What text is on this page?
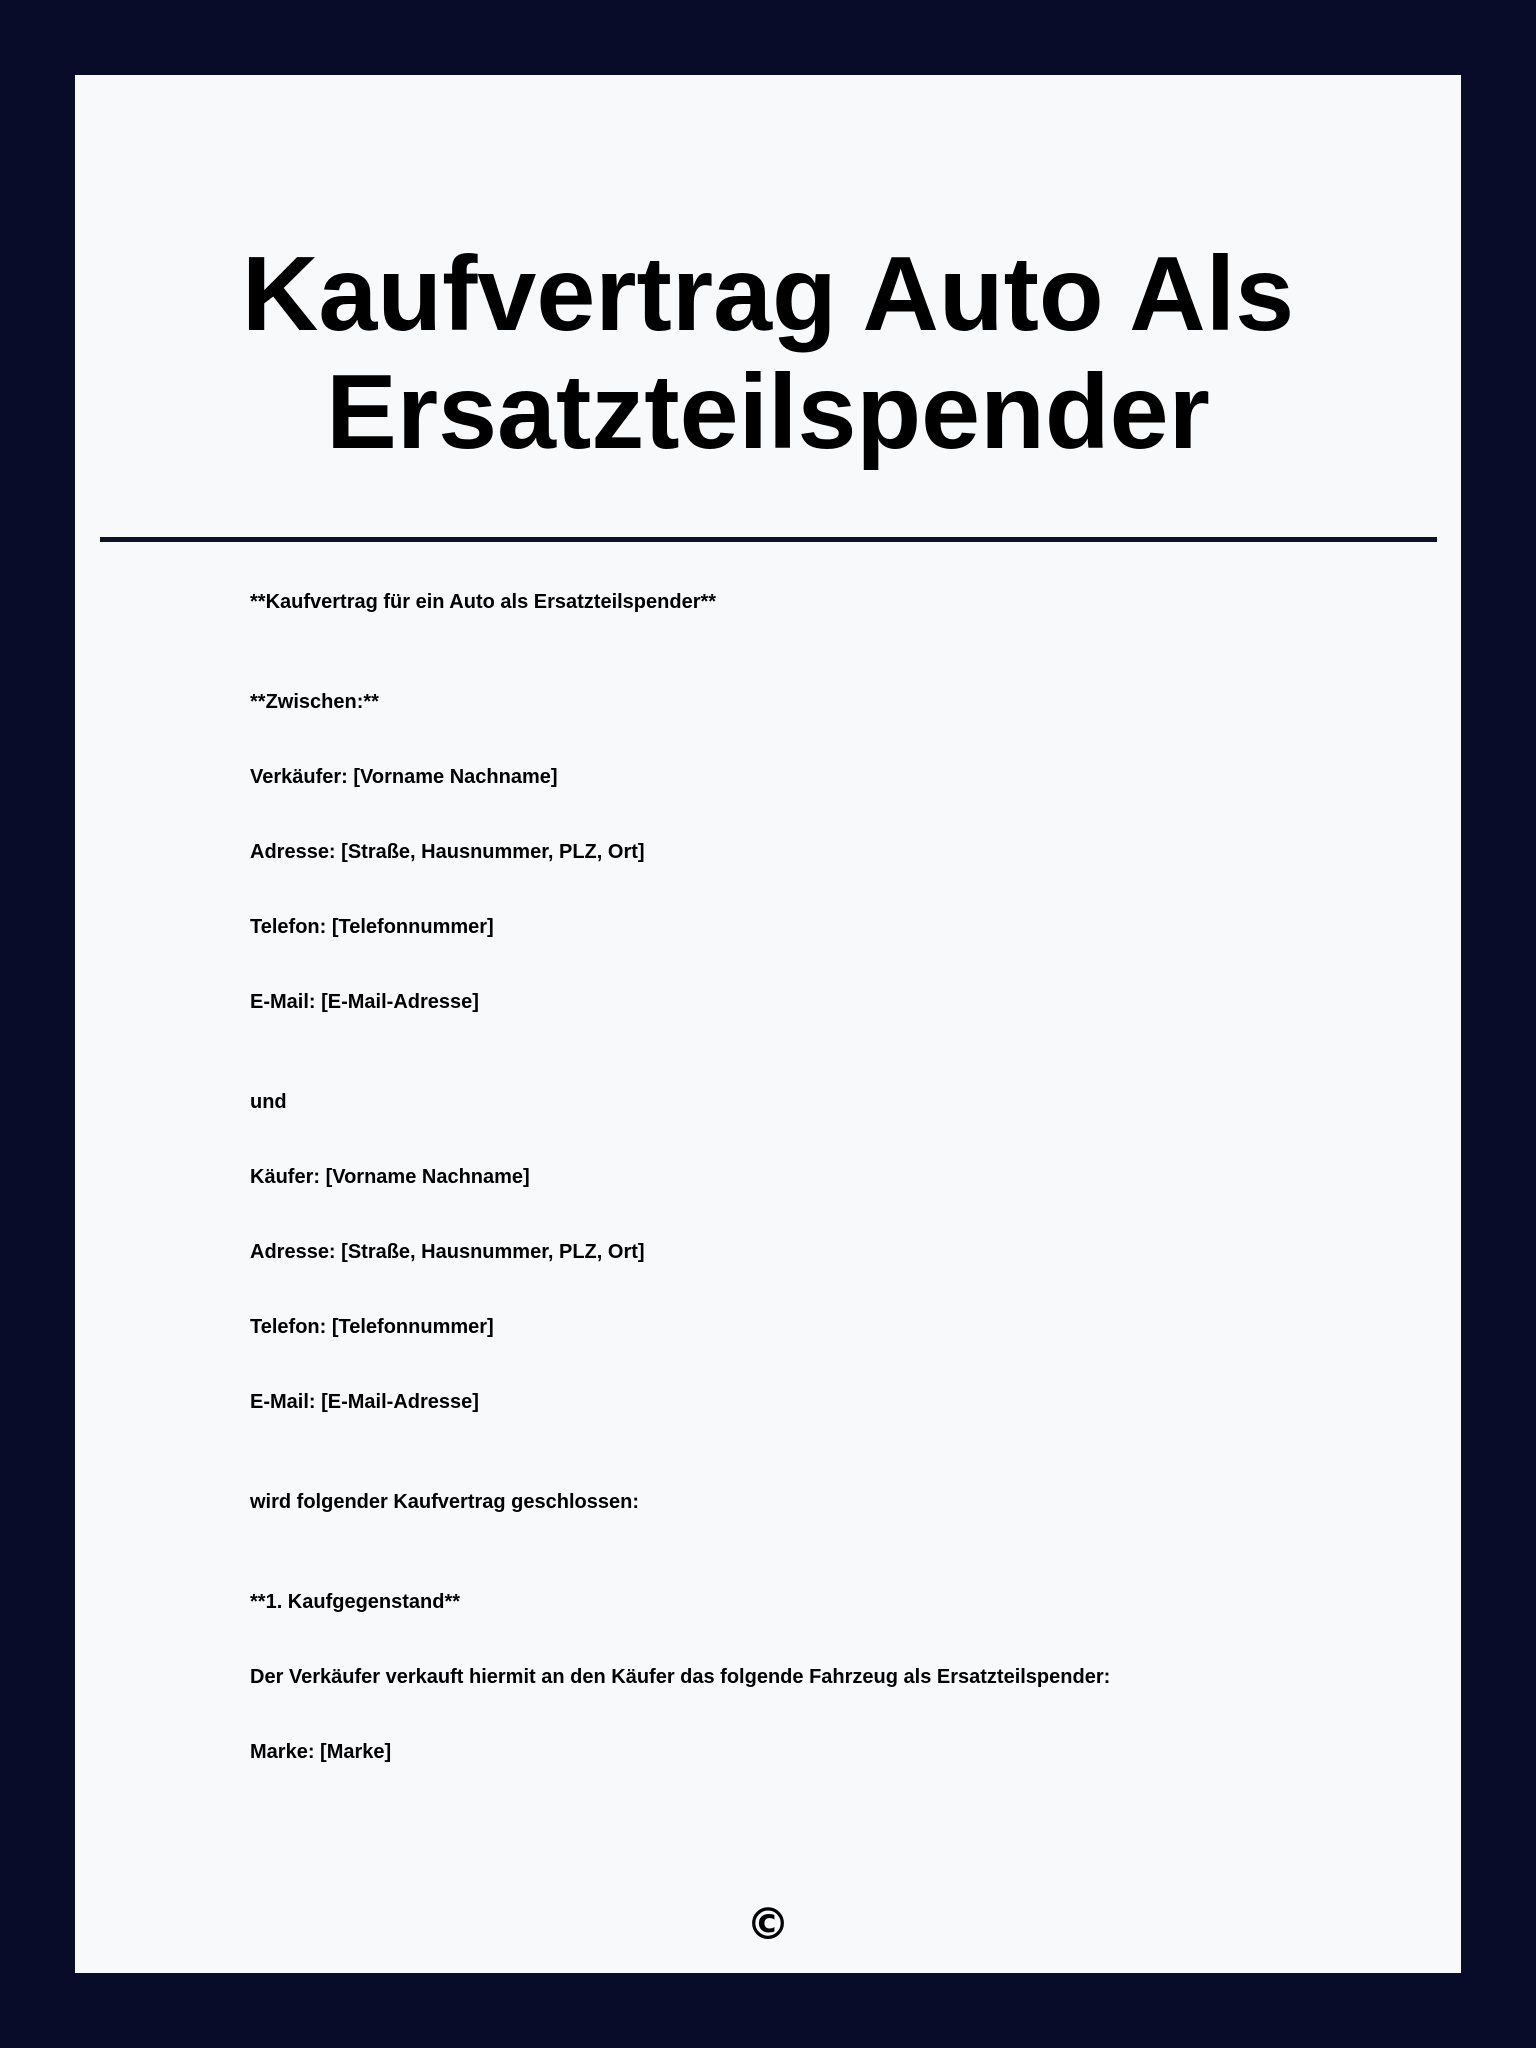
Kaufvertrag Auto Als Ersatzteilspender

**Kaufvertrag für ein Auto als Ersatzteilspender**

**Zwischen:**

Verkäufer: [Vorname Nachname]

Adresse: [Straße, Hausnummer, PLZ, Ort]

Telefon: [Telefonnummer]

E-Mail: [E-Mail-Adresse]

und

Käufer: [Vorname Nachname]

Adresse: [Straße, Hausnummer, PLZ, Ort]

Telefon: [Telefonnummer]

E-Mail: [E-Mail-Adresse]

wird folgender Kaufvertrag geschlossen:

**1. Kaufgegenstand**

Der Verkäufer verkauft hiermit an den Käufer das folgende Fahrzeug als Ersatzteilspender:

Marke: [Marke]

©
